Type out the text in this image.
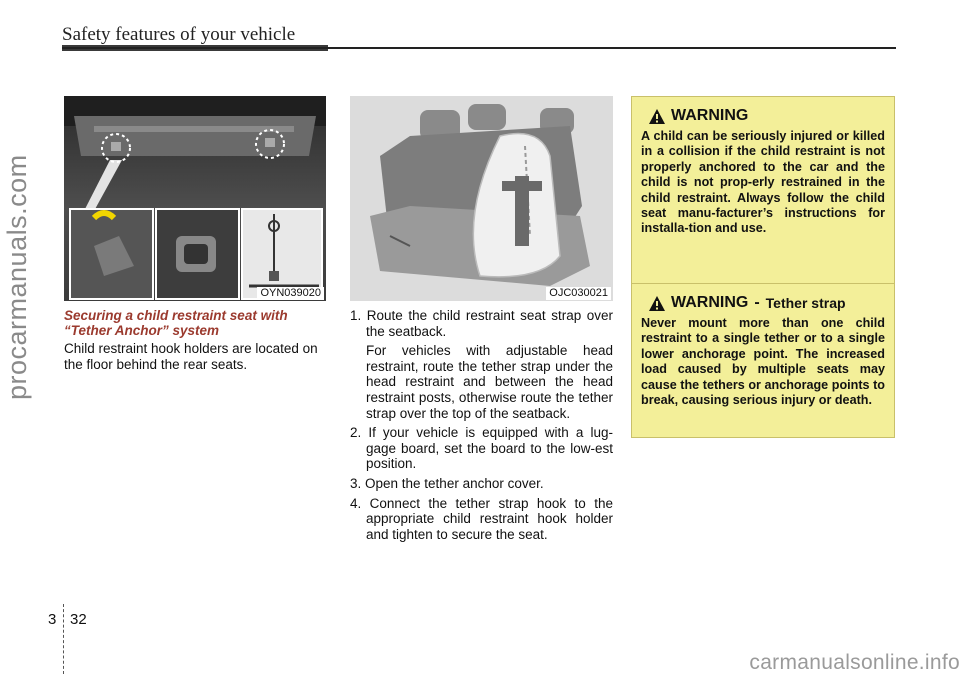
Safety features of your vehicle
procarmanuals.com	OYN039020	OJC030021
Securing a child restraint seat with “Tether Anchor” system
Child restraint hook holders are located on the floor behind the rear seats.
1. Route the child restraint seat strap over the seatback.
For vehicles with adjustable head restraint, route the tether strap under the head restraint and between the head restraint posts, otherwise route the tether strap over the top of the seatback.
2. If your vehicle is equipped with a lug-gage board, set the board to the low-est position.
3. Open the tether anchor cover.
4. Connect the tether strap hook to the appropriate child restraint hook holder and tighten to secure the seat.
WARNING
A child can be seriously injured or killed in a collision if the child restraint is not properly anchored to the car and the child is not prop-erly restrained in the child restraint. Always follow the child seat manu-facturer’s instructions for installa-tion and use.
WARNING - Tether strap
Never mount more than one child restraint to a single tether or to a single lower anchorage point. The increased load caused by multiple seats may cause the tethers or anchorage points to break, causing serious injury or death.
3 32
carmanualsonline.info
